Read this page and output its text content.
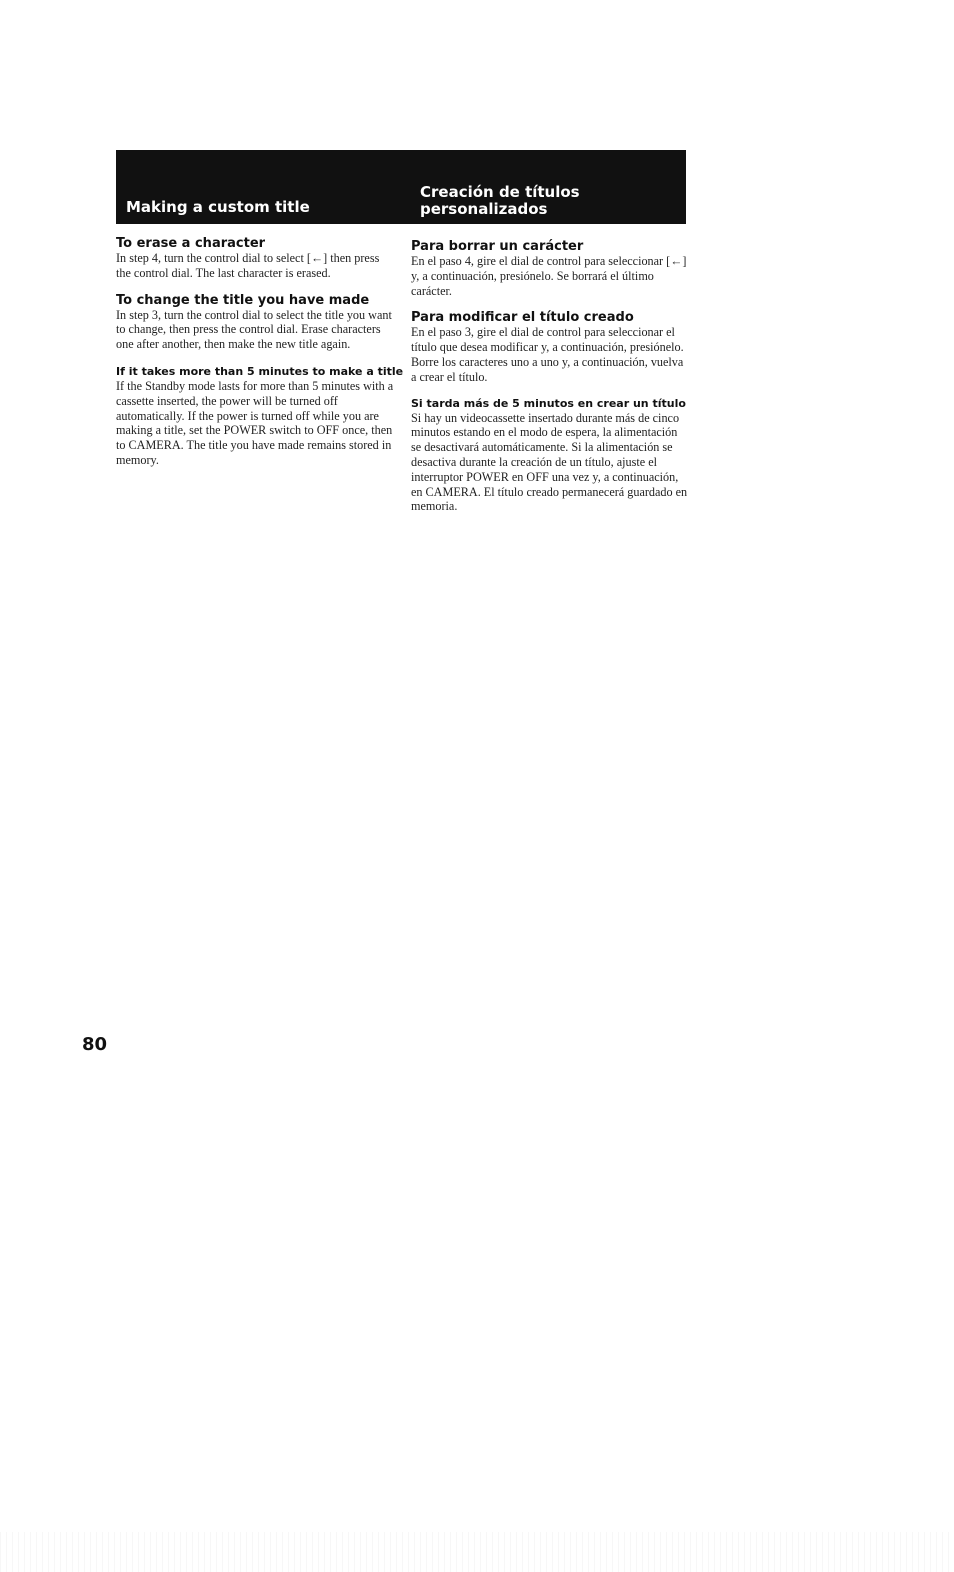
Making a custom title
Creación de títulos
personalizados
To erase a character

In step 4, turn the control dial to select [←] then press the control dial. The last character is erased.

To change the title you have made

In step 3, turn the control dial to select the title you want to change, then press the control dial. Erase characters one after another, then make the new title again.

If it takes more than 5 minutes to make a title

If the Standby mode lasts for more than 5 minutes with a cassette inserted, the power will be turned off automatically. If the power is turned off while you are making a title, set the POWER switch to OFF once, then to CAMERA. The title you have made remains stored in memory.

Para borrar un carácter

En el paso 4, gire el dial de control para seleccionar [←] y, a continuación, presiónelo. Se borrará el último carácter.

Para modificar el título creado

En el paso 3, gire el dial de control para seleccionar el título que desea modificar y, a continuación, presiónelo. Borre los caracteres uno a uno y, a continuación, vuelva a crear el título.

Si tarda más de 5 minutos en crear un título

Si hay un videocassette insertado durante más de cinco minutos estando en el modo de espera, la alimentación se desactivará automáticamente. Si la alimentación se desactiva durante la creación de un título, ajuste el interruptor POWER en OFF una vez y, a continuación, en CAMERA. El título creado permanecerá guardado en memoria.

80
